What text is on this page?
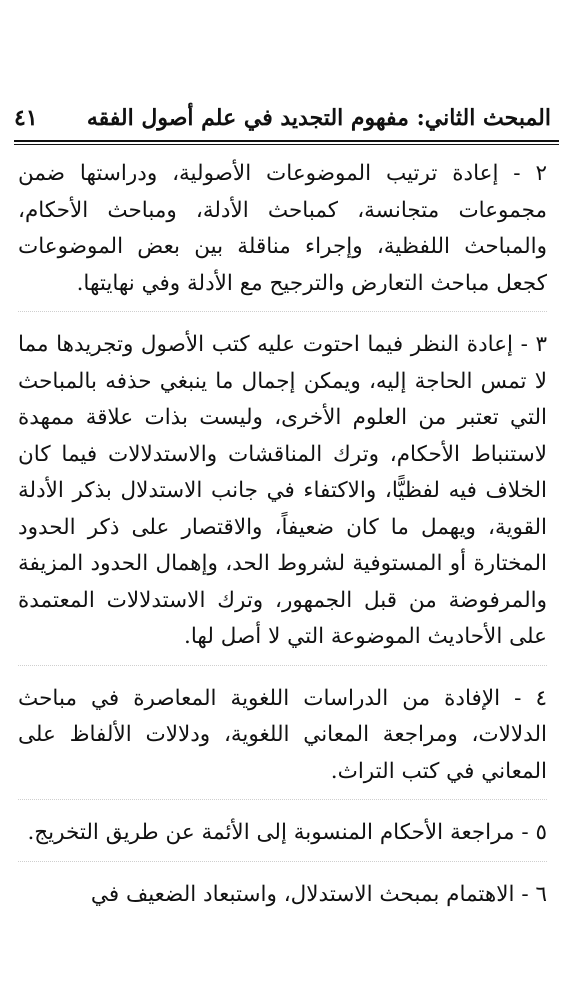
المبحث الثاني: مفهوم التجديد في علم أصول الفقه
٤١

٢ - إعادة ترتيب الموضوعات الأصولية، ودراستها ضمن مجموعات متجانسة، كمباحث الأدلة، ومباحث الأحكام، والمباحث اللفظية، وإجراء مناقلة بين بعض الموضوعات كجعل مباحث التعارض والترجيح مع الأدلة وفي نهايتها.

٣ - إعادة النظر فيما احتوت عليه كتب الأصول وتجريدها مما لا تمس الحاجة إليه، ويمكن إجمال ما ينبغي حذفه بالمباحث التي تعتبر من العلوم الأخرى، وليست بذات علاقة ممهدة لاستنباط الأحكام، وترك المناقشات والاستدلالات فيما كان الخلاف فيه لفظيًّا، والاكتفاء في جانب الاستدلال بذكر الأدلة القوية، ويهمل ما كان ضعيفاً، والاقتصار على ذكر الحدود المختارة أو المستوفية لشروط الحد، وإهمال الحدود المزيفة والمرفوضة من قبل الجمهور، وترك الاستدلالات المعتمدة على الأحاديث الموضوعة التي لا أصل لها.

٤ - الإفادة من الدراسات اللغوية المعاصرة في مباحث الدلالات، ومراجعة المعاني اللغوية، ودلالات الألفاظ على المعاني في كتب التراث.

٥ - مراجعة الأحكام المنسوبة إلى الأئمة عن طريق التخريج.

٦ - الاهتمام بمبحث الاستدلال، واستبعاد الضعيف في
